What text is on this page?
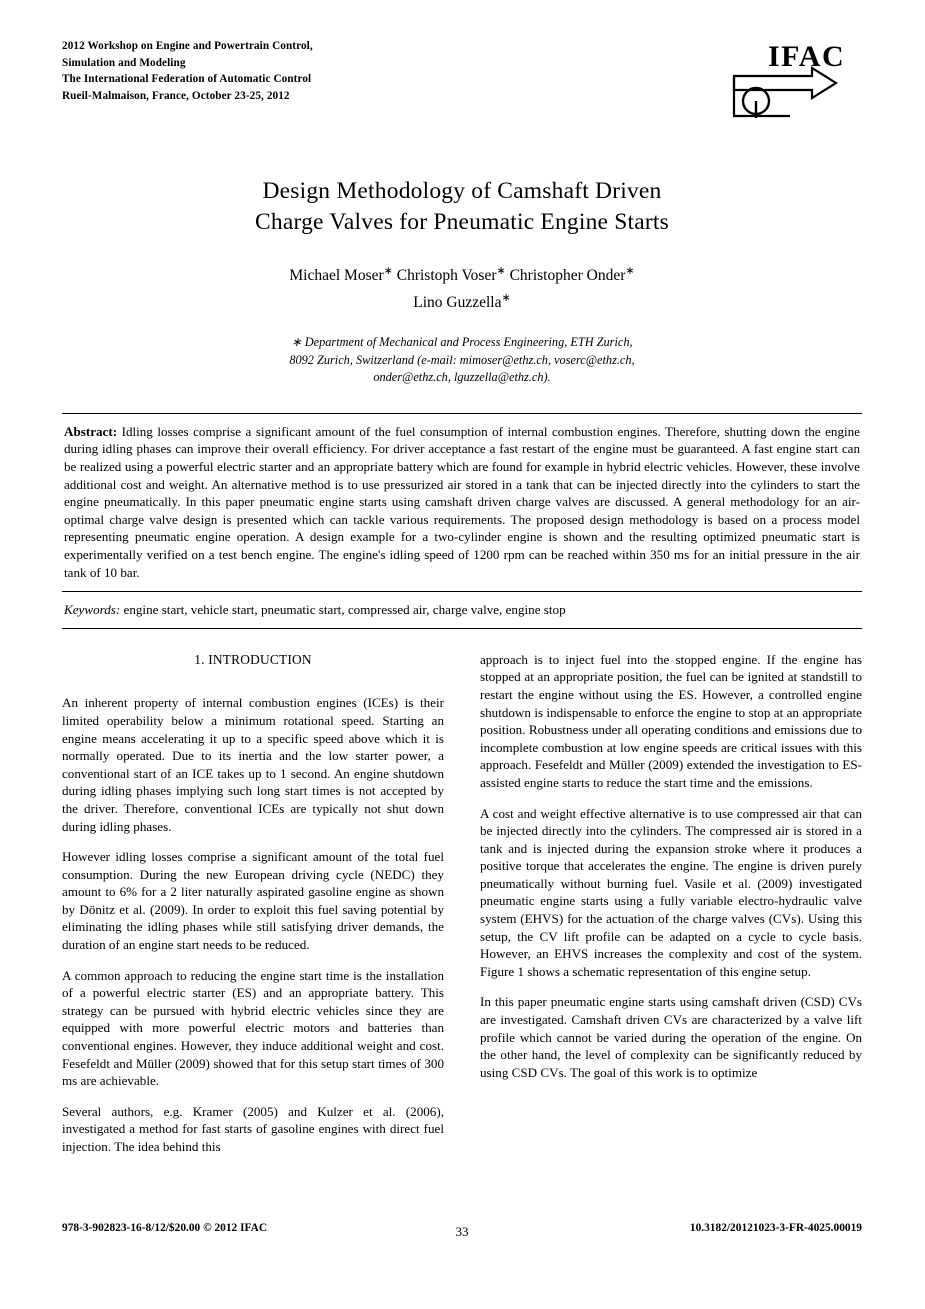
2012 Workshop on Engine and Powertrain Control,
Simulation and Modeling
The International Federation of Automatic Control
Rueil-Malmaison, France, October 23-25, 2012
IFAC
Design Methodology of Camshaft Driven
Charge Valves for Pneumatic Engine Starts
Michael Moser∗ Christoph Voser∗ Christopher Onder∗
Lino Guzzella∗
∗ Department of Mechanical and Process Engineering, ETH Zurich,
8092 Zurich, Switzerland (e-mail: mimoser@ethz.ch, voserc@ethz.ch,
onder@ethz.ch, lguzzella@ethz.ch).
Abstract: Idling losses comprise a significant amount of the fuel consumption of internal combustion engines. Therefore, shutting down the engine during idling phases can improve their overall efficiency. For driver acceptance a fast restart of the engine must be guaranteed. A fast engine start can be realized using a powerful electric starter and an appropriate battery which are found for example in hybrid electric vehicles. However, these involve additional cost and weight. An alternative method is to use pressurized air stored in a tank that can be injected directly into the cylinders to start the engine pneumatically. In this paper pneumatic engine starts using camshaft driven charge valves are discussed. A general methodology for an air-optimal charge valve design is presented which can tackle various requirements. The proposed design methodology is based on a process model representing pneumatic engine operation. A design example for a two-cylinder engine is shown and the resulting optimized pneumatic start is experimentally verified on a test bench engine. The engine's idling speed of 1200 rpm can be reached within 350 ms for an initial pressure in the air tank of 10 bar.
Keywords: engine start, vehicle start, pneumatic start, compressed air, charge valve, engine stop
1. INTRODUCTION

An inherent property of internal combustion engines (ICEs) is their limited operability below a minimum rotational speed. Starting an engine means accelerating it up to a specific speed above which it is normally operated. Due to its inertia and the low starter power, a conventional start of an ICE takes up to 1 second. An engine shutdown during idling phases implying such long start times is not accepted by the driver. Therefore, conventional ICEs are typically not shut down during idling phases.

However idling losses comprise a significant amount of the total fuel consumption. During the new European driving cycle (NEDC) they amount to 6% for a 2 liter naturally aspirated gasoline engine as shown by Dönitz et al. (2009). In order to exploit this fuel saving potential by eliminating the idling phases while still satisfying driver demands, the duration of an engine start needs to be reduced.

A common approach to reducing the engine start time is the installation of a powerful electric starter (ES) and an appropriate battery. This strategy can be pursued with hybrid electric vehicles since they are equipped with more powerful electric motors and batteries than conventional engines. However, they induce additional weight and cost. Fesefeldt and Müller (2009) showed that for this setup start times of 300 ms are achievable.

Several authors, e.g. Kramer (2005) and Kulzer et al. (2006), investigated a method for fast starts of gasoline engines with direct fuel injection. The idea behind this

approach is to inject fuel into the stopped engine. If the engine has stopped at an appropriate position, the fuel can be ignited at standstill to restart the engine without using the ES. However, a controlled engine shutdown is indispensable to enforce the engine to stop at an appropriate position. Robustness under all operating conditions and emissions due to incomplete combustion at low engine speeds are critical issues with this approach. Fesefeldt and Müller (2009) extended the investigation to ES-assisted engine starts to reduce the start time and the emissions.

A cost and weight effective alternative is to use compressed air that can be injected directly into the cylinders. The compressed air is stored in a tank and is injected during the expansion stroke where it produces a positive torque that accelerates the engine. The engine is driven purely pneumatically without burning fuel. Vasile et al. (2009) investigated pneumatic engine starts using a fully variable electro-hydraulic valve system (EHVS) for the actuation of the charge valves (CVs). Using this setup, the CV lift profile can be adapted on a cycle to cycle basis. However, an EHVS increases the complexity and cost of the system. Figure 1 shows a schematic representation of this engine setup.

In this paper pneumatic engine starts using camshaft driven (CSD) CVs are investigated. Camshaft driven CVs are characterized by a valve lift profile which cannot be varied during the operation of the engine. On the other hand, the level of complexity can be significantly reduced by using CSD CVs. The goal of this work is to optimize

978-3-902823-16-8/12/$20.00 © 2012 IFAC	33	10.3182/20121023-3-FR-4025.00019
